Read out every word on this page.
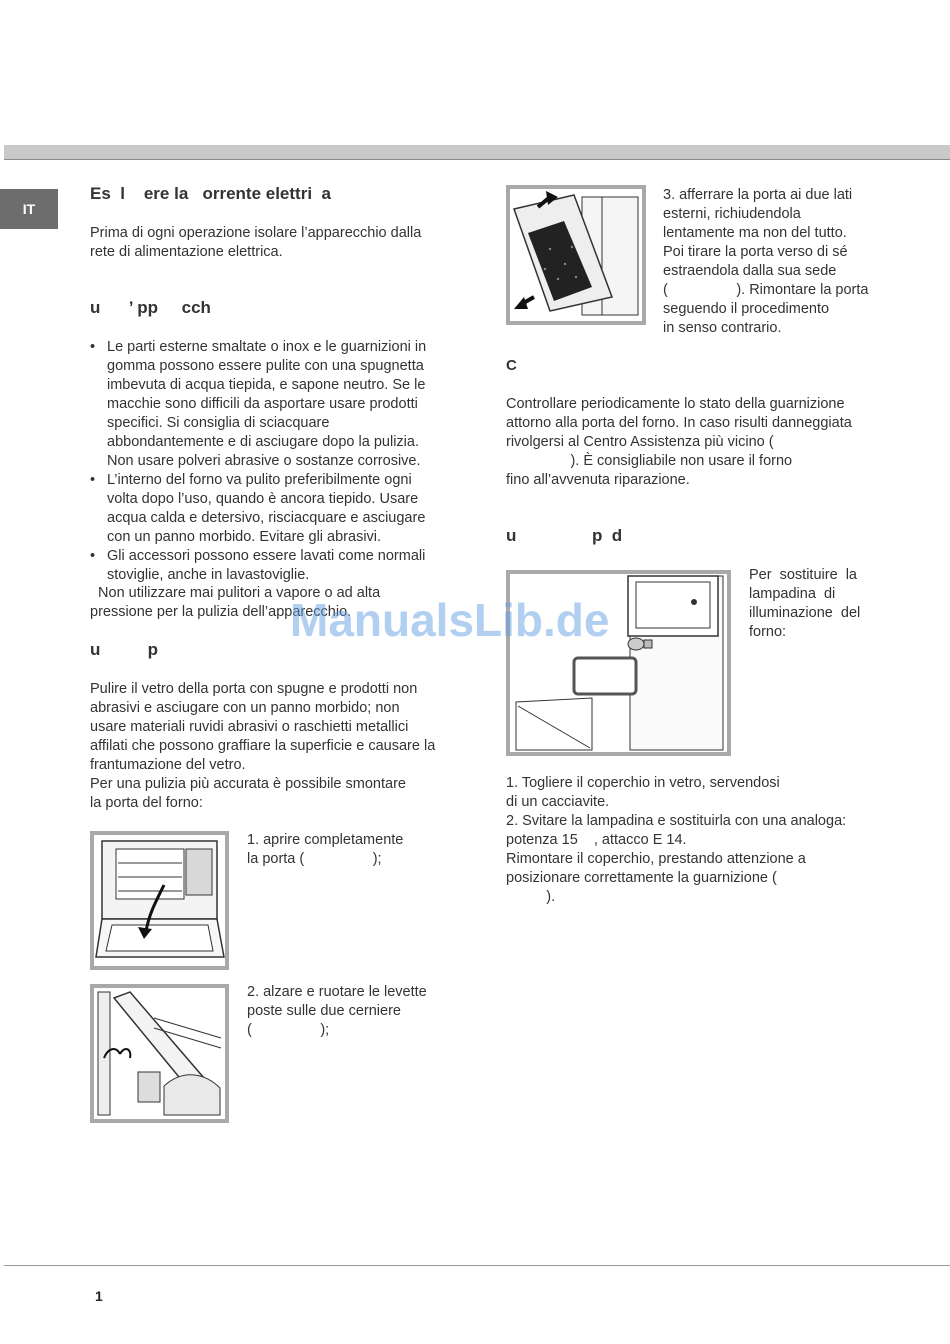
IT
Es  l    ere la   orrente elettri  a
Prima di ogni operazione isolare l’apparecchio dalla
rete di alimentazione elettrica.
u      ’ pp     cch
• Le parti esterne smaltate o inox e le guarnizioni in
gomma possono essere pulite con una spugnetta
imbevuta di acqua tiepida, e sapone neutro. Se le
macchie sono difficili da asportare usare prodotti
specifici. Si consiglia di sciacquare
abbondantemente e di asciugare dopo la pulizia.
Non usare polveri abrasive o sostanze corrosive.
• L’interno del forno va pulito preferibilmente ogni
volta dopo l’uso, quando è ancora tiepido. Usare
acqua calda e detersivo, risciacquare e asciugare
con un panno morbido. Evitare gli abrasivi.
• Gli accessori possono essere lavati come normali
stoviglie, anche in lavastoviglie.
Non utilizzare mai pulitori a vapore o ad alta
pressione per la pulizia dell’apparecchio.
u          p
Pulire il vetro della porta con spugne e prodotti non
abrasivi e asciugare con un panno morbido; non
usare materiali ruvidi abrasivi o raschietti metallici
affilati che possono graffiare la superficie e causare la
frantumazione del vetro.
Per una pulizia più accurata è possibile smontare
la porta del forno:
1. aprire completamente
la porta (                 );
2. alzare e ruotare le levette
poste sulle due cerniere
(                 );
3. afferrare la porta ai due lati
esterni, richiudendola
lentamente ma non del tutto.
Poi tirare la porta verso di sé
estraendola dalla sua sede
(                 ). Rimontare la porta
seguendo il procedimento
in senso contrario.
C
Controllare periodicamente lo stato della guarnizione
attorno alla porta del forno. In caso risulti danneggiata
rivolgersi al Centro Assistenza più vicino (
). È consigliabile non usare il forno
fino all’avvenuta riparazione.
u                p  d
Per  sostituire  la
lampadina  di
illuminazione  del
forno:
1. Togliere il coperchio in vetro, servendosi
di un cacciavite.
2. Svitare la lampadina e sostituirla con una analoga:
potenza 15    , attacco E 14.
Rimontare il coperchio, prestando attenzione a
posizionare correttamente la guarnizione (
).
ManualsLib.de
1
